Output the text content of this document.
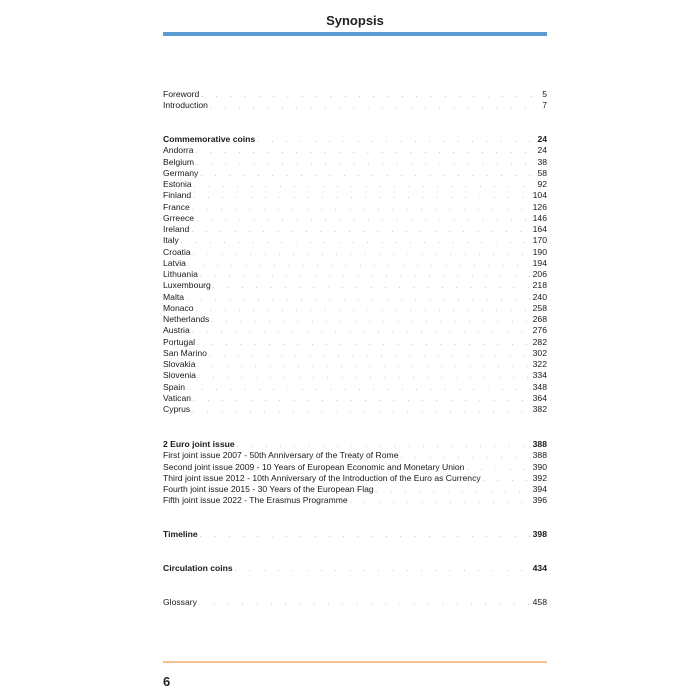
Synopsis
Foreword . . .	5
Introduction . . .	7
Commemorative coins . . .	24
Andorra . . .	24
Belgium . . .	38
Germany . . .	58
Estonia . . .	92
Finland . . .	104
France . . .	126
Grreece . . .	146
Ireland . . .	164
Italy . . .	170
Croatia . . .	190
Latvia . . .	194
Lithuania . . .	206
Luxembourg . . .	218
Malta . . .	240
Monaco . . .	258
Netherlands . . .	268
Austria . . .	276
Portugal . . .	282
San Marino . . .	302
Slovakia . . .	322
Slovenia . . .	334
Spain . . .	348
Vatican . . .	364
Cyprus . . .	382
2 Euro joint issue . . .	388
First joint issue 2007 - 50th Anniversary of the Treaty of Rome . . .	388
Second joint issue 2009 - 10 Years of European Economic and Monetary Union . . .	390
Third joint issue 2012 - 10th Anniversary of the Introduction of the Euro as Currency . . .	392
Fourth joint issue 2015 - 30 Years of the European Flag . . .	394
Fifth joint issue 2022 - The Erasmus Programme . . .	396
Timeline . . .	398
Circulation coins . . .	434
Glossary . . .	458
6
